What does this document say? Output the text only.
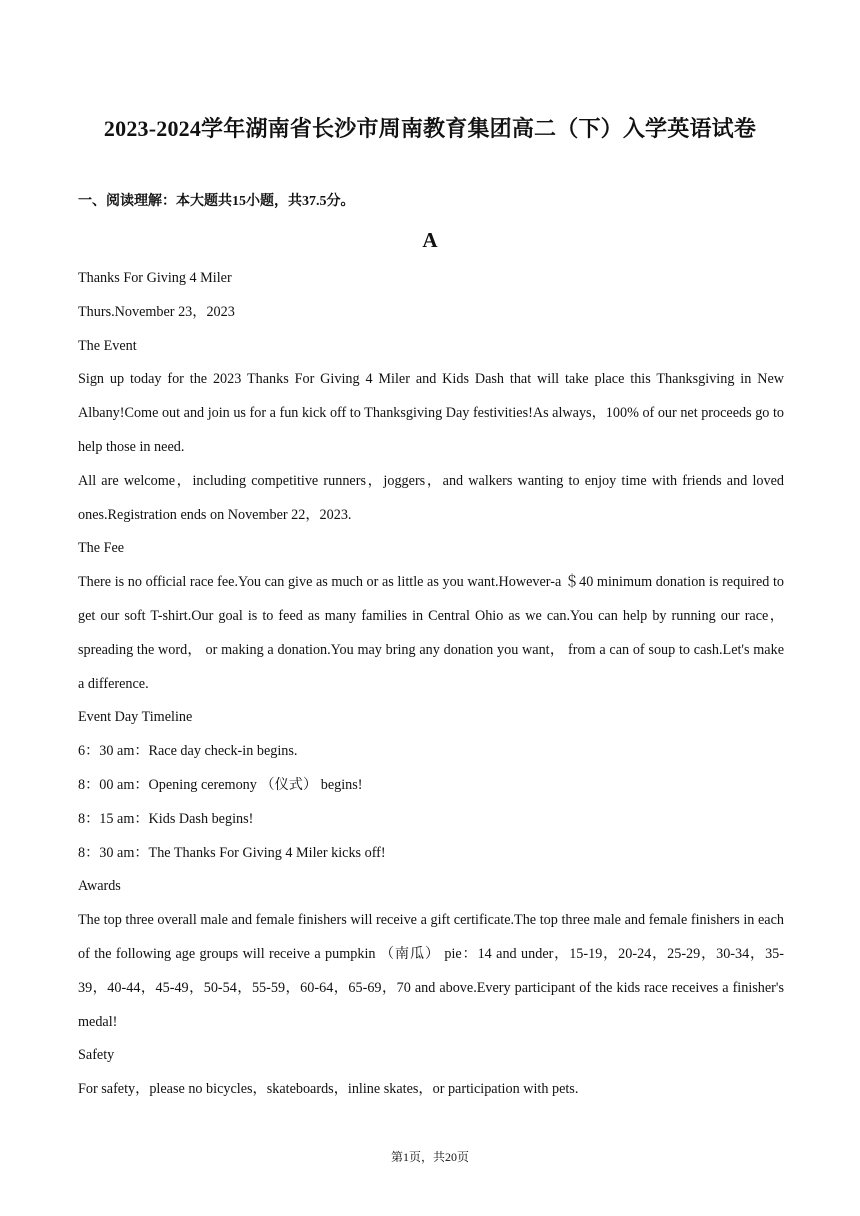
2023-2024学年湖南省长沙市周南教育集团高二（下）入学英语试卷
一、阅读理解：本大题共15小题，共37.5分。
A

Thanks For Giving 4 Miler

Thurs.November 23，2023

The Event

Sign up today for the 2023 Thanks For Giving 4 Miler and Kids Dash that will take place this Thanksgiving in New Albany!Come out and join us for a fun kick off to Thanksgiving Day festivities!As always，100% of our net proceeds go to help those in need.

All are welcome，including competitive runners，joggers，and walkers wanting to enjoy time with friends and loved ones.Registration ends on November 22，2023.

The Fee

There is no official race fee.You can give as much or as little as you want.However-a ＄40 minimum donation is required to get our soft T-shirt.Our goal is to feed as many families in Central Ohio as we can.You can help by running our race， spreading the word， or making a donation.You may bring any donation you want， from a can of soup to cash.Let's make a difference.

Event Day Timeline

6：30 am：Race day check-in begins.

8：00 am：Opening ceremony （仪式） begins!

8：15 am：Kids Dash begins!

8：30 am：The Thanks For Giving 4 Miler kicks off!

Awards

The top three overall male and female finishers will receive a gift certificate.The top three male and female finishers in each of the following age groups will receive a pumpkin （南瓜） pie：14 and under，15-19，20-24，25-29，30-34，35-39，40-44，45-49，50-54，55-59，60-64，65-69，70 and above.Every participant of the kids race receives a finisher's medal!

Safety

For safety，please no bicycles，skateboards，inline skates，or participation with pets.

第1页，共20页
